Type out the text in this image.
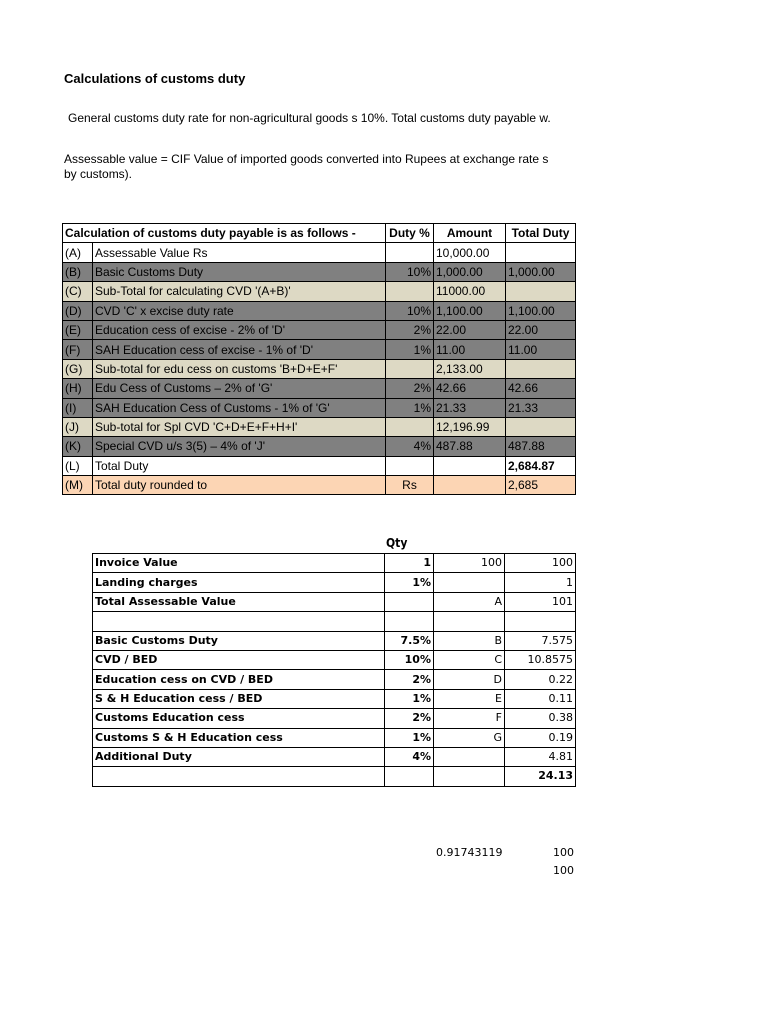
Calculations of customs duty
General customs duty rate for non-agricultural goods s 10%. Total customs duty payable w.
Assessable value = CIF Value of imported goods converted into Rupees at exchange rate s
by customs).
Calculation of customs duty payable is as follows -		Duty %	Amount	Total Duty
(A)	Assessable Value Rs		10,000.00	
(B)	Basic Customs Duty	10%	1,000.00	1,000.00
(C)	Sub-Total for calculating CVD '(A+B)'		11000.00	
(D)	CVD 'C' x excise duty rate	10%	1,100.00	1,100.00
(E)	Education cess of excise - 2% of 'D'	2%	22.00	22.00
(F)	SAH Education cess of excise - 1% of 'D'	1%	11.00	11.00
(G)	Sub-total for edu cess on customs 'B+D+E+F'		2,133.00	
(H)	Edu Cess of Customs – 2% of 'G'	2%	42.66	42.66
(I)	SAH Education Cess of Customs - 1% of 'G'	1%	21.33	21.33
(J)	Sub-total for Spl CVD 'C+D+E+F+H+I'		12,196.99	
(K)	Special CVD u/s 3(5) – 4% of 'J'	4%	487.88	487.88
(L)	Total Duty			2,684.87
(M)	Total duty rounded to	Rs		2,685
Qty
Invoice Value	1	100	100
Landing charges	1%		1
Total Assessable Value		A	101

Basic Customs Duty	7.5%	B	7.575
CVD / BED	10%	C	10.8575
Education cess on CVD / BED	2%	D	0.22
S & H Education cess / BED	1%	E	0.11
Customs Education cess	2%	F	0.38
Customs S & H Education cess	1%	G	0.19
Additional Duty	4%		4.81
			24.13
0.91743119	100
100
